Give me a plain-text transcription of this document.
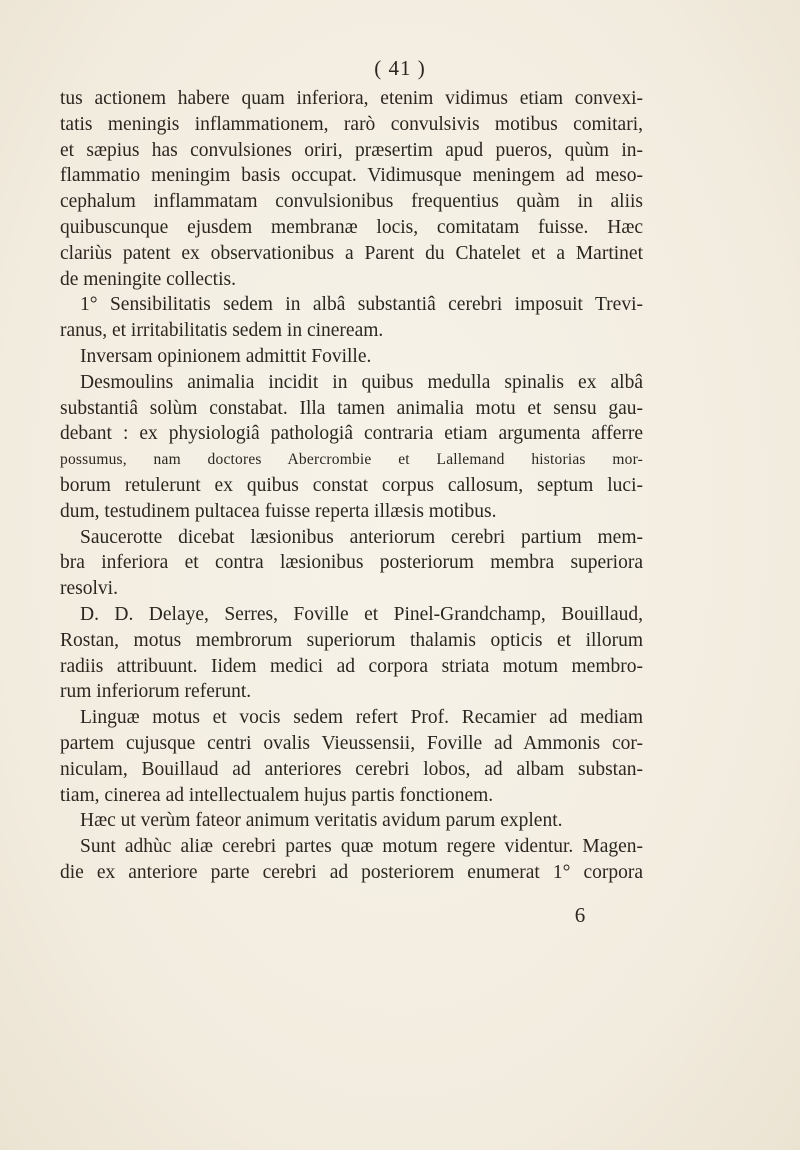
( 41 )
tus actionem habere quam inferiora, etenim vidimus etiam convexi-
tatis meningis inflammationem, rarò convulsivis motibus comitari,
et sæpius has convulsiones oriri, præsertim apud pueros, quùm in-
flammatio meningim basis occupat. Vidimusque meningem ad meso-
cephalum inflammatam convulsionibus frequentius quàm in aliis
quibuscunque ejusdem membranæ locis, comitatam fuisse. Hæc
clariùs patent ex observationibus a Parent du Chatelet et a Martinet
de meningite collectis.
1° Sensibilitatis sedem in albâ substantiâ cerebri imposuit Trevi-
ranus, et irritabilitatis sedem in cineream.
Inversam opinionem admittit Foville.
Desmoulins animalia incidit in quibus medulla spinalis ex albâ
substantiâ solùm constabat. Illa tamen animalia motu et sensu gau-
debant : ex physiologiâ pathologiâ contraria etiam argumenta afferre
possumus, nam doctores Abercrombie et Lallemand historias mor-
borum retulerunt ex quibus constat corpus callosum, septum luci-
dum, testudinem pultacea fuisse reperta illæsis motibus.
Saucerotte dicebat læsionibus anteriorum cerebri partium mem-
bra inferiora et contra læsionibus posteriorum membra superiora
resolvi.
D. D. Delaye, Serres, Foville et Pinel-Grandchamp, Bouillaud,
Rostan, motus membrorum superiorum thalamis opticis et illorum
radiis attribuunt. Iidem medici ad corpora striata motum membro-
rum inferiorum referunt.
Linguæ motus et vocis sedem refert Prof. Recamier ad mediam
partem cujusque centri ovalis Vieussensii, Foville ad Ammonis cor-
niculam, Bouillaud ad anteriores cerebri lobos, ad albam substan-
tiam, cinerea ad intellectualem hujus partis fonctionem.
Hæc ut verùm fateor animum veritatis avidum parum explent.
Sunt adhùc aliæ cerebri partes quæ motum regere videntur. Magen-
die ex anteriore parte cerebri ad posteriorem enumerat 1° corpora
6
